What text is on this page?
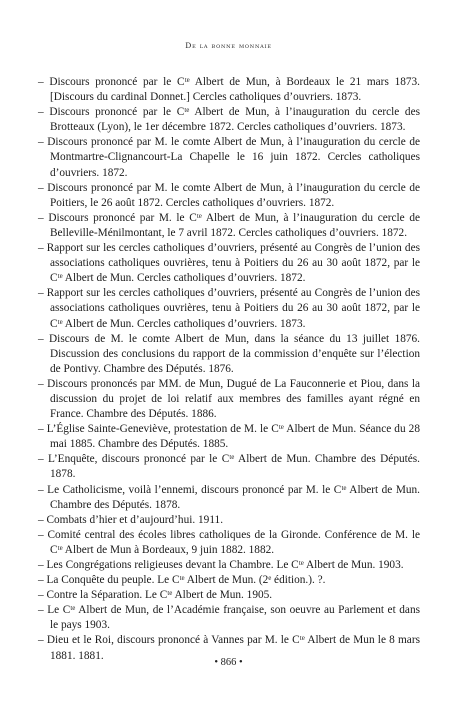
De la bonne monnaie
– Discours prononcé par le Cᵗᵉ Albert de Mun, à Bordeaux le 21 mars 1873. [Discours du cardinal Donnet.] Cercles catholiques d’ouvriers. 1873.
– Discours prononcé par le Cᵗᵉ Albert de Mun, à l’inauguration du cercle des Brotteaux (Lyon), le 1er décembre 1872. Cercles catholiques d’ouvriers. 1873.
– Discours prononcé par M. le comte Albert de Mun, à l’inauguration du cercle de Montmartre-Clignancourt-La Chapelle le 16 juin 1872. Cercles catholiques d’ouvriers. 1872.
– Discours prononcé par M. le comte Albert de Mun, à l’inauguration du cercle de Poitiers, le 26 août 1872. Cercles catholiques d’ouvriers. 1872.
– Discours prononcé par M. le Cᵗᵉ Albert de Mun, à l’inauguration du cercle de Belleville-Ménilmontant, le 7 avril 1872. Cercles catholiques d’ouvriers. 1872.
– Rapport sur les cercles catholiques d’ouvriers, présenté au Congrès de l’union des associations catholiques ouvrières, tenu à Poitiers du 26 au 30 août 1872, par le Cᵗᵉ Albert de Mun. Cercles catholiques d’ouvriers. 1872.
– Rapport sur les cercles catholiques d’ouvriers, présenté au Congrès de l’union des associations catholiques ouvrières, tenu à Poitiers du 26 au 30 août 1872, par le Cᵗᵉ Albert de Mun. Cercles catholiques d’ouvriers. 1873.
– Discours de M. le comte Albert de Mun, dans la séance du 13 juillet 1876. Discussion des conclusions du rapport de la commission d’enquête sur l’élection de Pontivy. Chambre des Députés. 1876.
– Discours prononcés par MM. de Mun, Dugué de La Fauconnerie et Piou, dans la discussion du projet de loi relatif aux membres des familles ayant régné en France. Chambre des Députés. 1886.
– L’Église Sainte-Geneviève, protestation de M. le Cᵗᵉ Albert de Mun. Séance du 28 mai 1885. Chambre des Députés. 1885.
– L’Enquête, discours prononcé par le Cᵗᵉ Albert de Mun. Chambre des Députés. 1878.
– Le Catholicisme, voilà l’ennemi, discours prononcé par M. le Cᵗᵉ Albert de Mun. Chambre des Députés. 1878.
– Combats d’hier et d’aujourd’hui. 1911.
– Comité central des écoles libres catholiques de la Gironde. Conférence de M. le Cᵗᵉ Albert de Mun à Bordeaux, 9 juin 1882. 1882.
– Les Congrégations religieuses devant la Chambre. Le Cᵗᵉ Albert de Mun. 1903.
– La Conquête du peuple. Le Cᵗᵉ Albert de Mun. (2ᵉ édition.). ?.
– Contre la Séparation. Le Cᵗᵉ Albert de Mun. 1905.
– Le Cᵗᵉ Albert de Mun, de l’Académie française, son oeuvre au Parlement et dans le pays 1903.
– Dieu et le Roi, discours prononcé à Vannes par M. le Cᵗᵉ Albert de Mun le 8 mars 1881. 1881.
• 866 •
